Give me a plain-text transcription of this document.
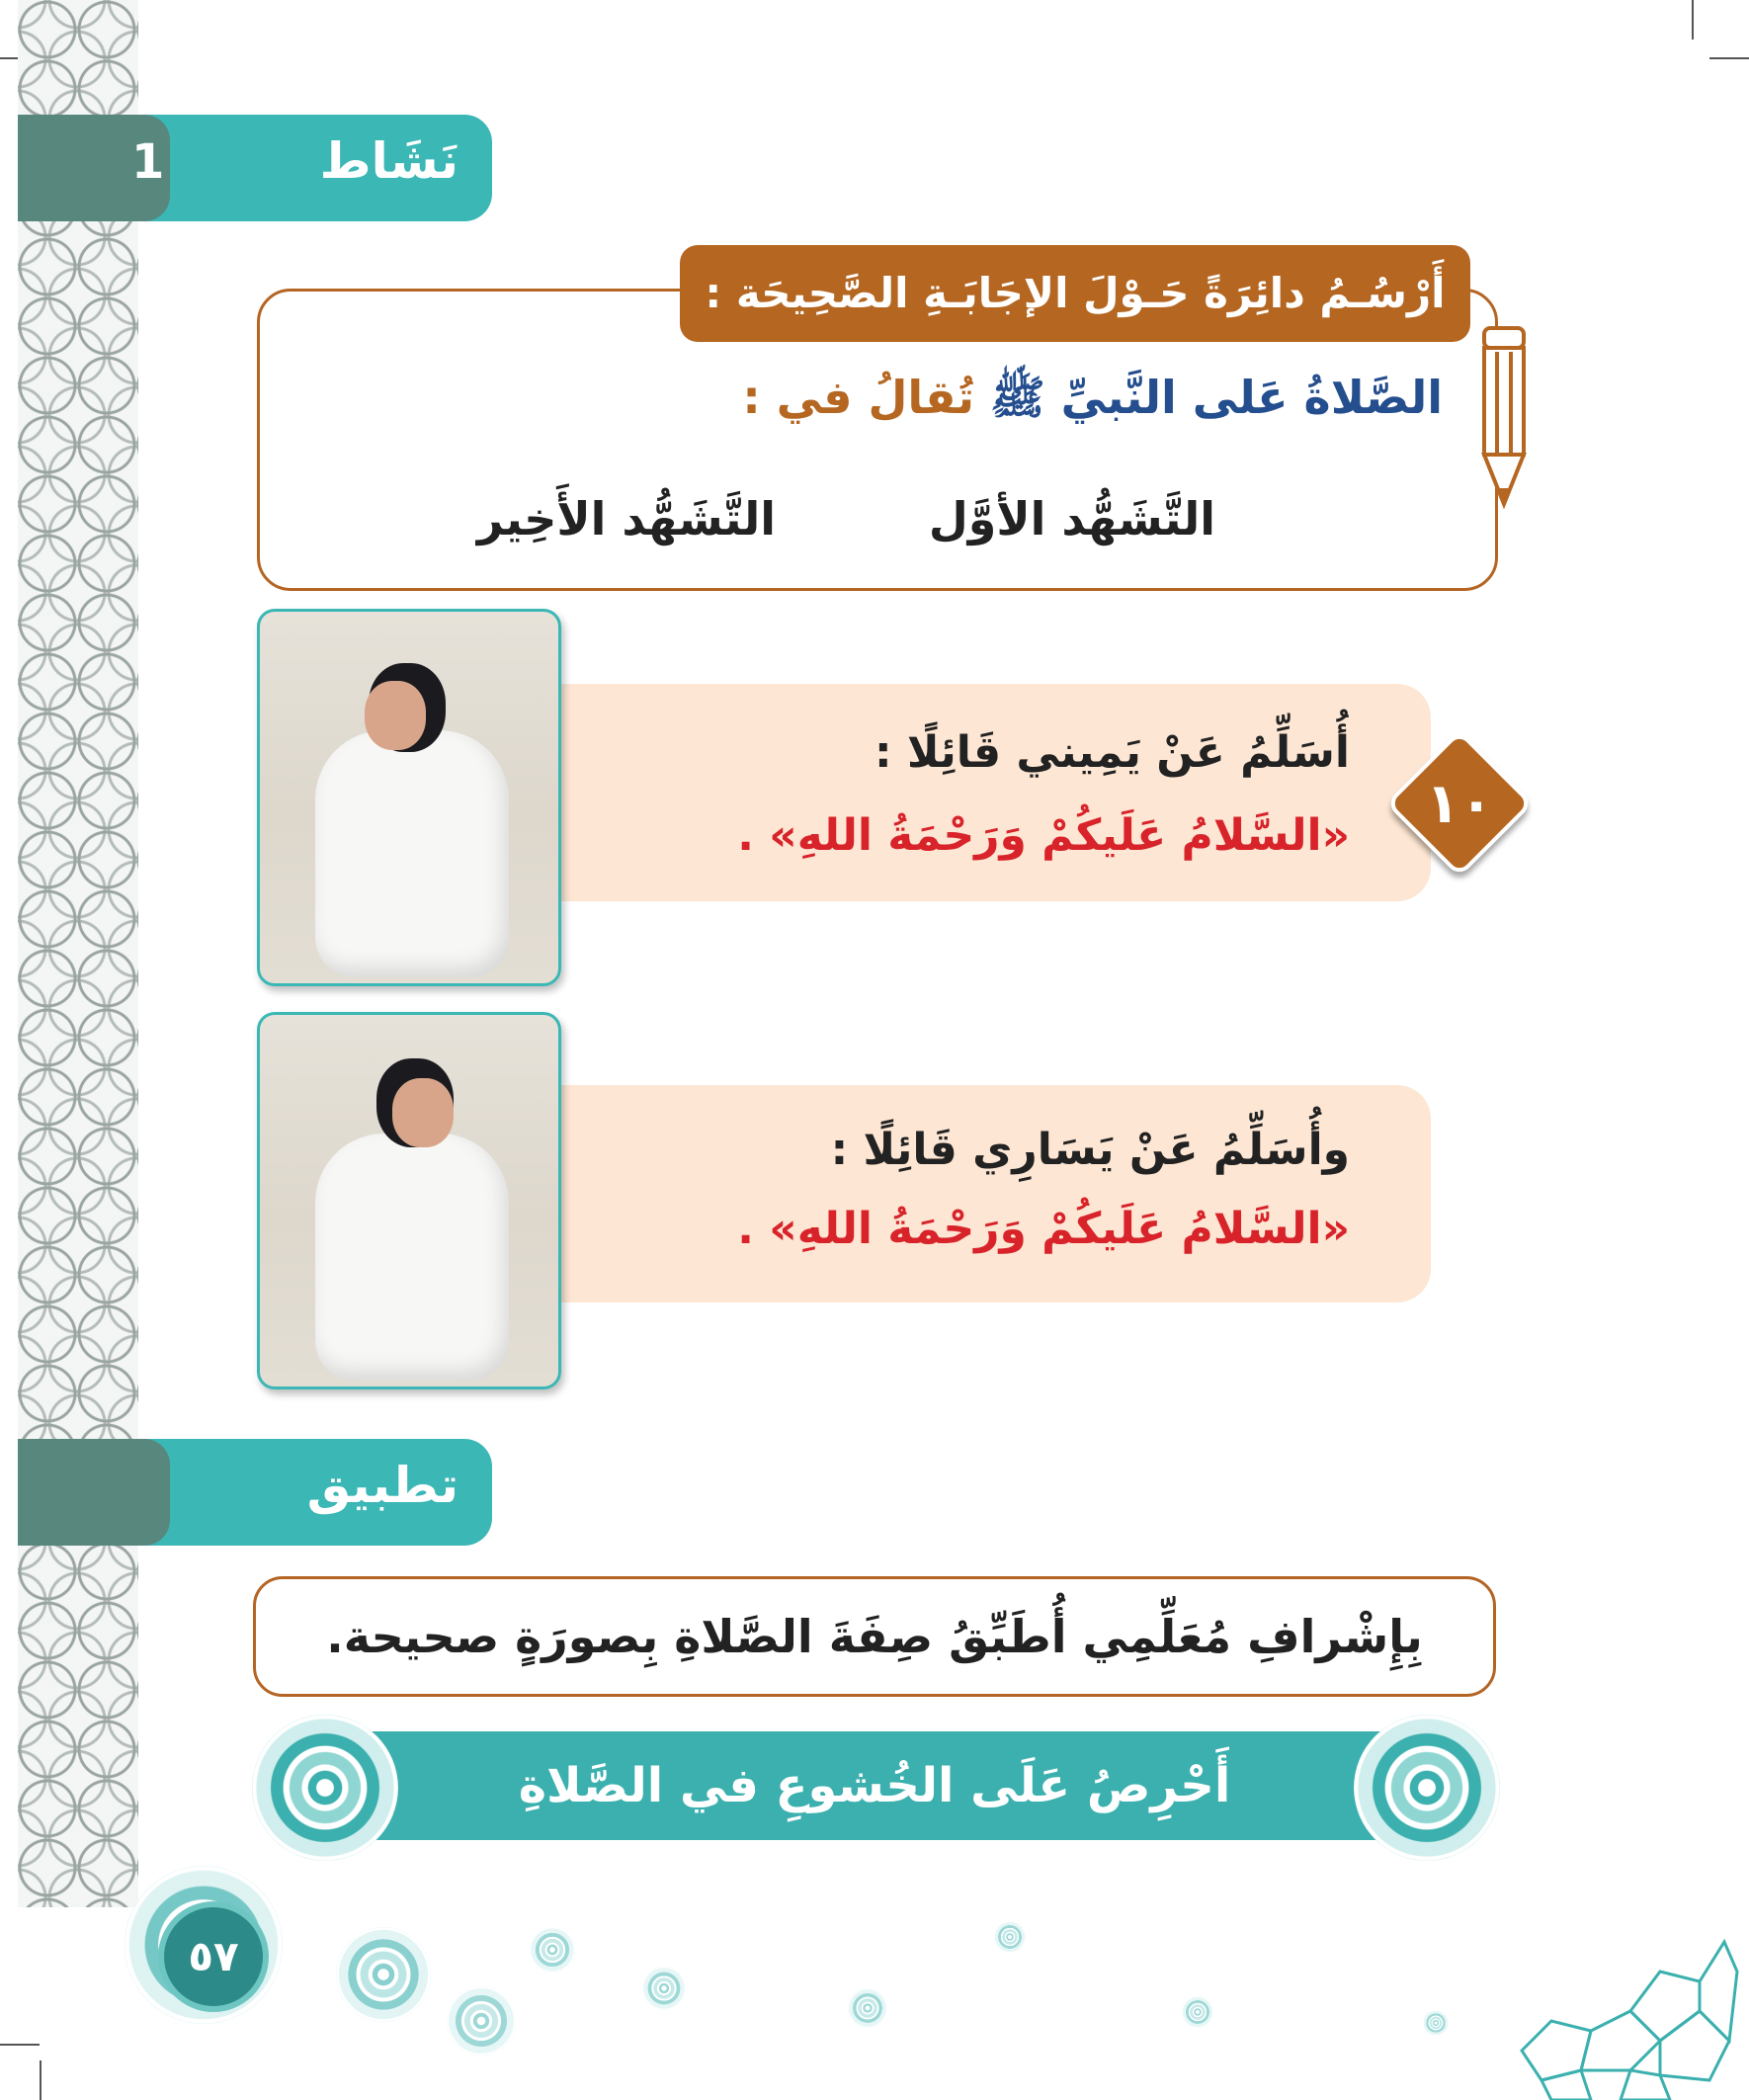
1	نَشَاط
أَرْسُـمُ دائِرَةً حَـوْلَ الإجَابَـةِ الصَّحِيحَة :
الصَّلاةُ عَلى النَّبيِّ ﷺ تُقالُ في :
التَّشَهُّد الأوَّل
التَّشَهُّد الأَخِير
أُسَلِّمُ عَنْ يَمِيني قَائِلًا :
«السَّلامُ عَلَيكُمْ وَرَحْمَةُ اللهِ» .	١٠
وأُسَلِّمُ عَنْ يَسَارِي قَائِلًا :
«السَّلامُ عَلَيكُمْ وَرَحْمَةُ اللهِ» .
تطبيق
بِإِشْرافِ مُعَلِّمِي أُطَبِّقُ صِفَةَ الصَّلاةِ بِصورَةٍ صحيحة.
أَحْرِصُ عَلَى الخُشوعِ في الصَّلاةِ
٥٧
